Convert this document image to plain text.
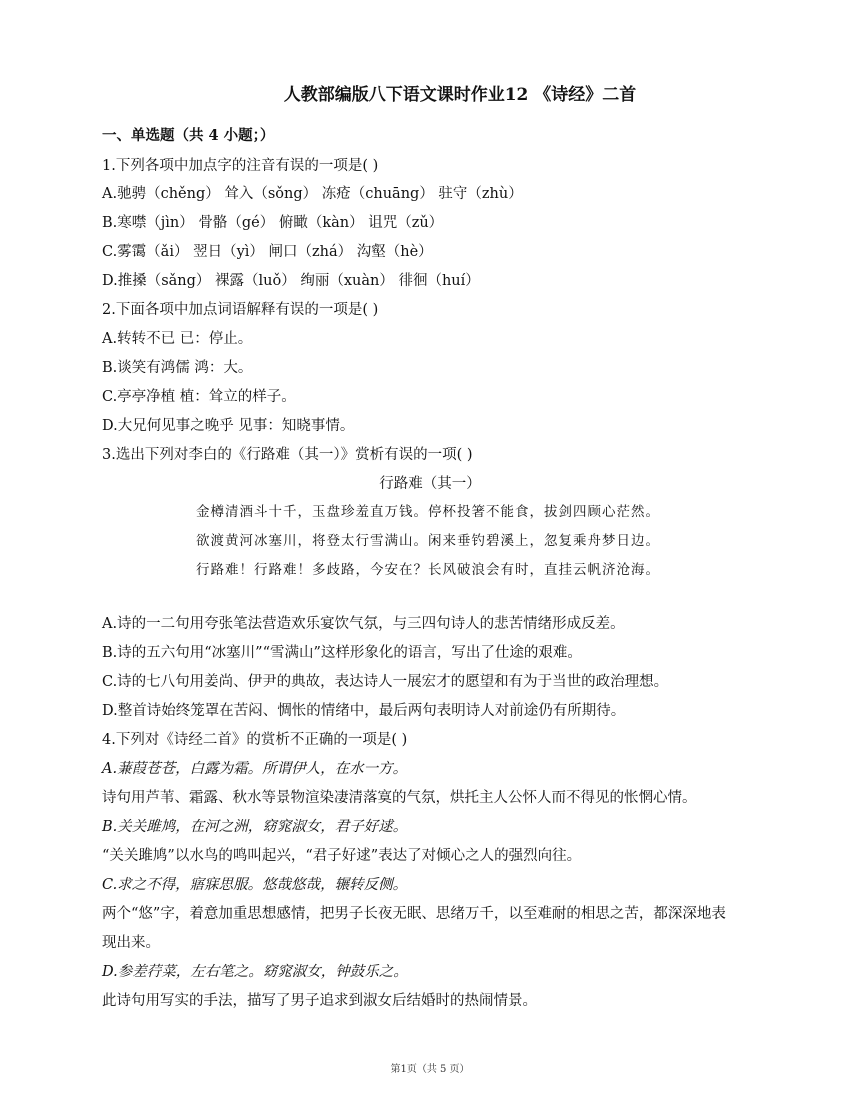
人教部编版八下语文课时作业12 《诗经》二首
一、单选题（共 4 小题；）
1.下列各项中加点字的注音有误的一项是( )
A.驰骋（chěng） 耸入（sǒng） 冻疮（chuāng） 驻守（zhù）
B.寒噤（jìn） 骨骼（gé） 俯瞰（kàn） 诅咒（zǔ）
C.雾霭（ǎi） 翌日（yì） 闸口（zhá） 沟壑（hè）
D.推搡（sǎng） 裸露（luǒ） 绚丽（xuàn） 徘徊（huí）
2.下面各项中加点词语解释有误的一项是( )
A.转转不已 已：停止。
B.谈笑有鸿儒 鸿：大。
C.亭亭净植 植：耸立的样子。
D.大兄何见事之晚乎 见事：知晓事情。
3.选出下列对李白的《行路难（其一）》赏析有误的一项( )
行路难（其一）
金樽清酒斗十千，玉盘珍羞直万钱。停杯投箸不能食，拔剑四顾心茫然。
欲渡黄河冰塞川，将登太行雪满山。闲来垂钓碧溪上，忽复乘舟梦日边。
行路难！行路难！多歧路，今安在？长风破浪会有时，直挂云帆济沧海。
A.诗的一二句用夸张笔法营造欢乐宴饮气氛，与三四句诗人的悲苦情绪形成反差。
B.诗的五六句用“冰塞川”“雪满山”这样形象化的语言，写出了仕途的艰难。
C.诗的七八句用姜尚、伊尹的典故，表达诗人一展宏才的愿望和有为于当世的政治理想。
D.整首诗始终笼罩在苦闷、惆怅的情绪中，最后两句表明诗人对前途仍有所期待。
4.下列对《诗经二首》的赏析不正确的一项是( )
A.蒹葭苍苍，白露为霜。所谓伊人，在水一方。
诗句用芦苇、霜露、秋水等景物渲染凄清落寞的气氛，烘托主人公怀人而不得见的怅惘心情。
B.关关雎鸠，在河之洲，窈窕淑女，君子好逑。
“关关雎鸠”以水鸟的鸣叫起兴，“君子好逑”表达了对倾心之人的强烈向往。
C.求之不得，寤寐思服。悠哉悠哉，辗转反侧。
两个“悠”字，着意加重思想感情，把男子长夜无眠、思绪万千，以至难耐的相思之苦，都深深地表
现出来。
D.参差荇菜，左右笔之。窈窕淑女，钟鼓乐之。
此诗句用写实的手法，描写了男子追求到淑女后结婚时的热闹情景。
第1页（共 5 页）
